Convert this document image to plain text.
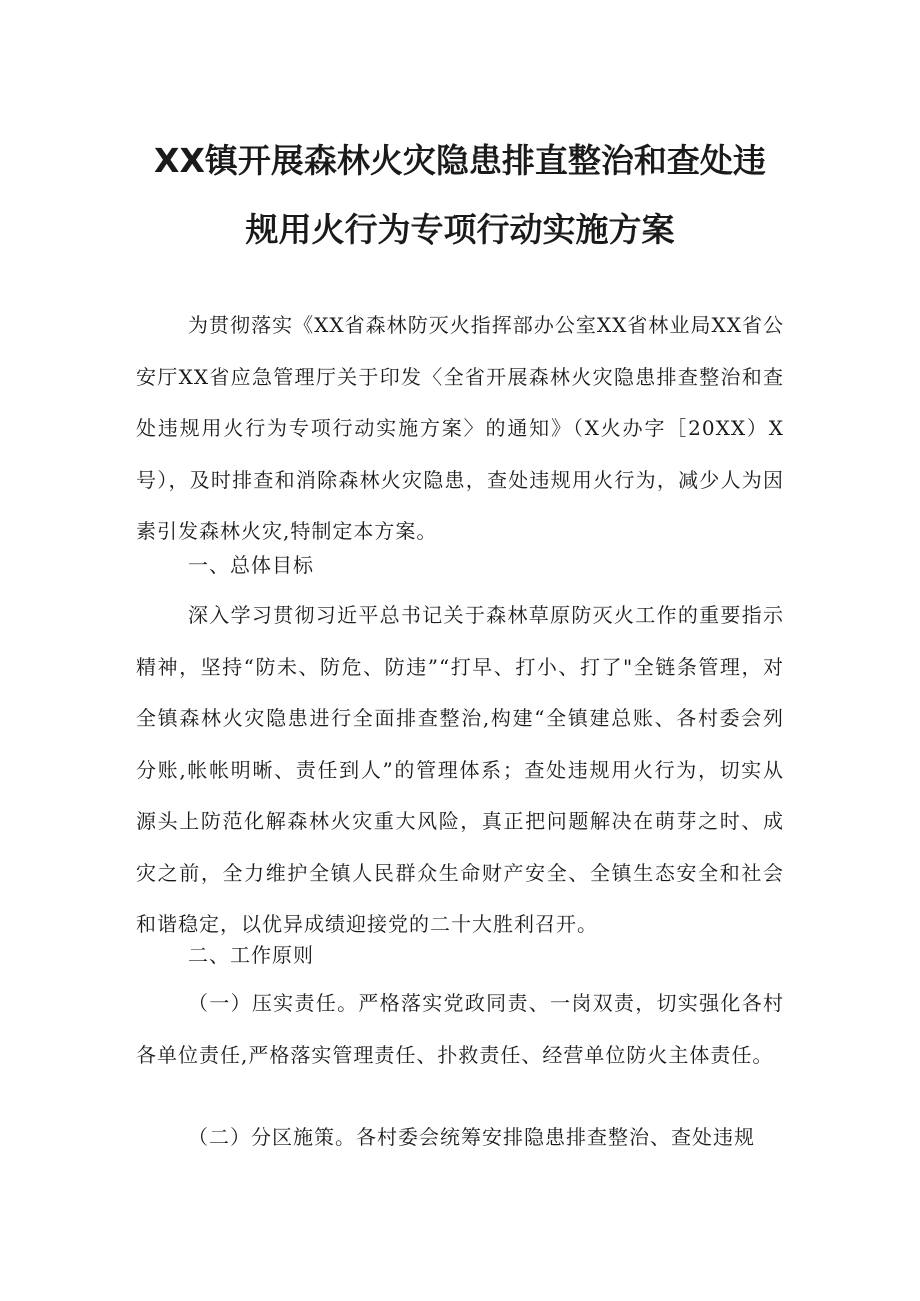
XX镇开展森林火灾隐患排直整治和查处违
规用火行为专项行动实施方案

为贯彻落实《XX省森林防灭火指挥部办公室XX省林业局XX省公安厅XX省应急管理厅关于印发〈全省开展森林火灾隐患排查整治和查处违规用火行为专项行动实施方案〉的通知》（X火办字［20XX）X号），及时排查和消除森林火灾隐患，查处违规用火行为，减少人为因素引发森林火灾,特制定本方案。

一、总体目标

深入学习贯彻习近平总书记关于森林草原防灭火工作的重要指示精神，坚持“防未、防危、防违”“打早、打小、打了"全链条管理，对全镇森林火灾隐患进行全面排查整治,构建“全镇建总账、各村委会列分账,帐帐明晰、责任到人”的管理体系；查处违规用火行为，切实从源头上防范化解森林火灾重大风险，真正把问题解决在萌芽之时、成灾之前，全力维护全镇人民群众生命财产安全、全镇生态安全和社会和谐稳定，以优异成绩迎接党的二十大胜利召开。

二、工作原则

（一）压实责任。严格落实党政同责、一岗双责，切实强化各村各单位责任,严格落实管理责任、扑救责任、经营单位防火主体责任。

（二）分区施策。各村委会统筹安排隐患排查整治、查处违规
